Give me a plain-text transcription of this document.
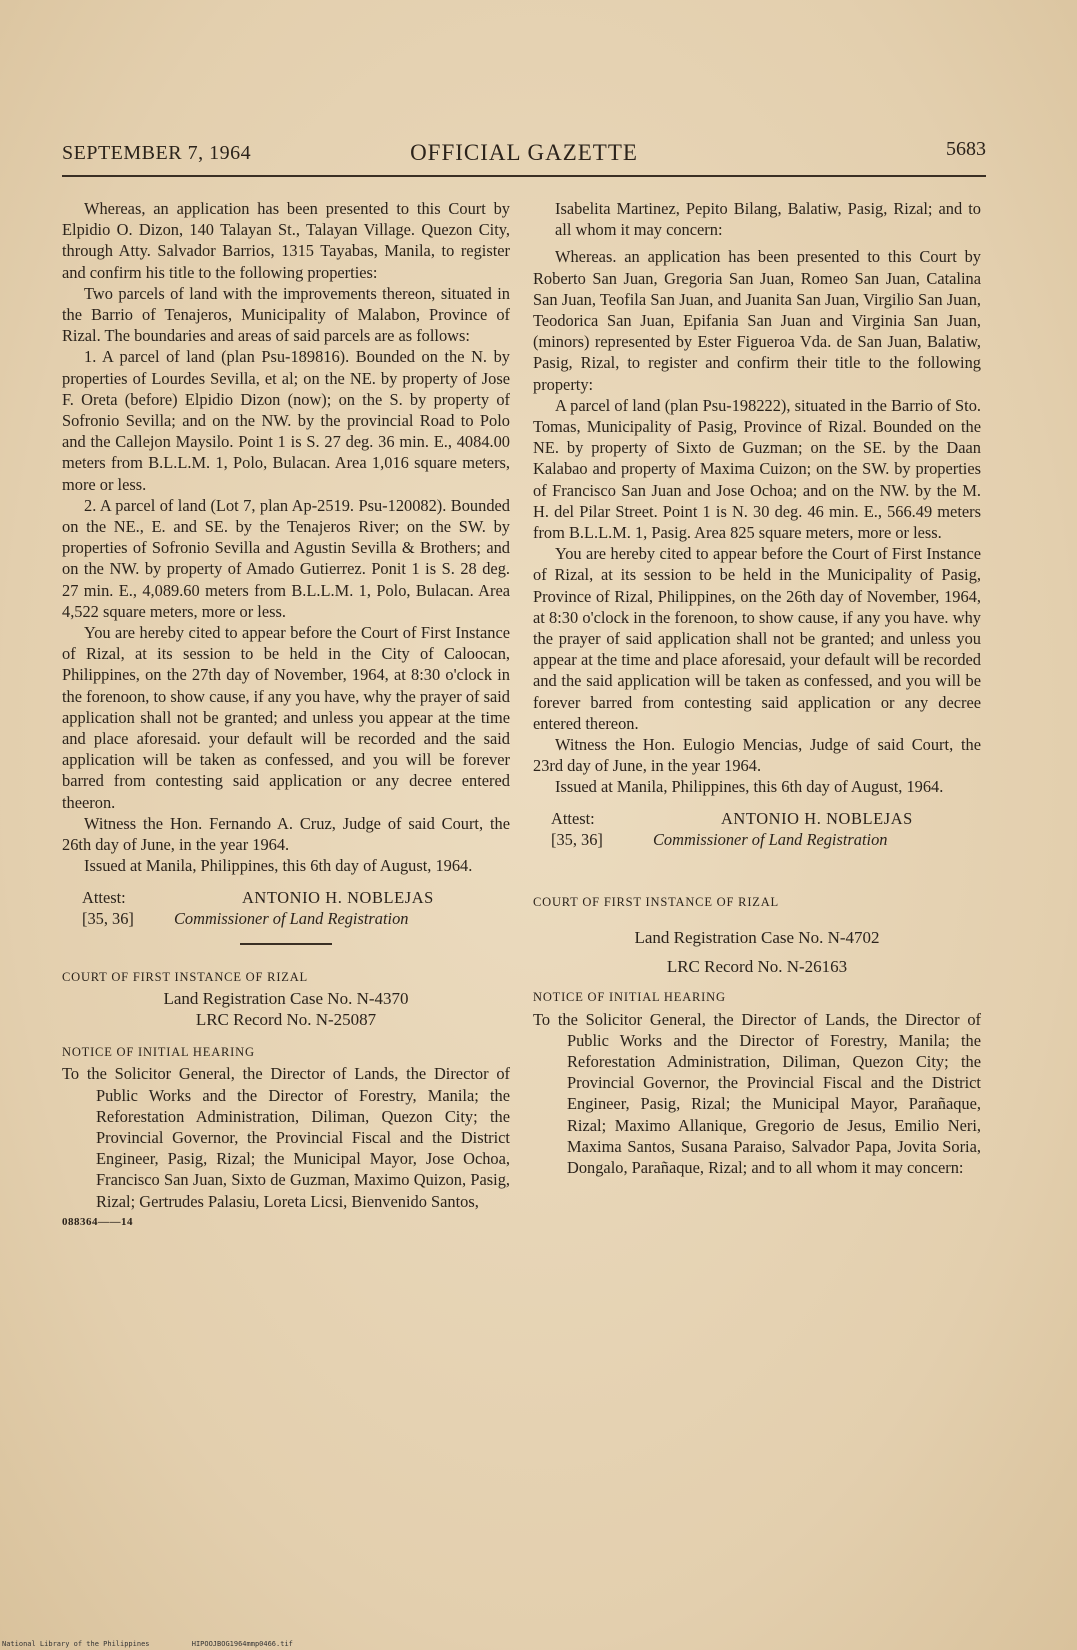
SEPTEMBER 7, 1964	OFFICIAL GAZETTE	5683

Whereas, an application has been presented to this Court by Elpidio O. Dizon, 140 Talayan St., Talayan Village. Quezon City, through Atty. Salvador Barrios, 1315 Tayabas, Manila, to register and confirm his title to the following properties:

Two parcels of land with the improvements thereon, situated in the Barrio of Tenajeros, Municipality of Malabon, Province of Rizal. The boundaries and areas of said parcels are as follows:

1. A parcel of land (plan Psu-189816). Bounded on the N. by properties of Lourdes Sevilla, et al; on the NE. by property of Jose F. Oreta (before) Elpidio Dizon (now); on the S. by property of Sofronio Sevilla; and on the NW. by the provincial Road to Polo and the Callejon Maysilo. Point 1 is S. 27 deg. 36 min. E., 4084.00 meters from B.L.L.M. 1, Polo, Bulacan. Area 1,016 square meters, more or less.

2. A parcel of land (Lot 7, plan Ap-2519. Psu-120082). Bounded on the NE., E. and SE. by the Tenajeros River; on the SW. by properties of Sofronio Sevilla and Agustin Sevilla & Brothers; and on the NW. by property of Amado Gutierrez. Ponit 1 is S. 28 deg. 27 min. E., 4,089.60 meters from B.L.L.M. 1, Polo, Bulacan. Area 4,522 square meters, more or less.

You are hereby cited to appear before the Court of First Instance of Rizal, at its session to be held in the City of Caloocan, Philippines, on the 27th day of November, 1964, at 8:30 o'clock in the forenoon, to show cause, if any you have, why the prayer of said application shall not be granted; and unless you appear at the time and place aforesaid. your default will be recorded and the said application will be taken as confessed, and you will be forever barred from contesting said application or any decree entered theeron.

Witness the Hon. Fernando A. Cruz, Judge of said Court, the 26th day of June, in the year 1964.

Issued at Manila, Philippines, this 6th day of August, 1964.

Attest:	ANTONIO H. NOBLEJAS
[35, 36] Commissioner of Land Registration

COURT OF FIRST INSTANCE OF RIZAL

Land Registration Case No. N-4370

LRC Record No. N-25087

NOTICE OF INITIAL HEARING

To the Solicitor General, the Director of Lands, the Director of Public Works and the Director of Forestry, Manila; the Reforestation Administration, Diliman, Quezon City; the Provincial Governor, the Provincial Fiscal and the District Engineer, Pasig, Rizal; the Municipal Mayor, Jose Ochoa, Francisco San Juan, Sixto de Guzman, Maximo Quizon, Pasig, Rizal; Gertrudes Palasiu, Loreta Licsi, Bienvenido Santos,

088364——14

Isabelita Martinez, Pepito Bilang, Balatiw, Pasig, Rizal; and to all whom it may concern:

Whereas. an application has been presented to this Court by Roberto San Juan, Gregoria San Juan, Romeo San Juan, Catalina San Juan, Teofila San Juan, and Juanita San Juan, Virgilio San Juan, Teodorica San Juan, Epifania San Juan and Virginia San Juan, (minors) represented by Ester Figueroa Vda. de San Juan, Balatiw, Pasig, Rizal, to register and confirm their title to the following property:

A parcel of land (plan Psu-198222), situated in the Barrio of Sto. Tomas, Municipality of Pasig, Province of Rizal. Bounded on the NE. by property of Sixto de Guzman; on the SE. by the Daan Kalabao and property of Maxima Cuizon; on the SW. by properties of Francisco San Juan and Jose Ochoa; and on the NW. by the M. H. del Pilar Street. Point 1 is N. 30 deg. 46 min. E., 566.49 meters from B.L.L.M. 1, Pasig. Area 825 square meters, more or less.

You are hereby cited to appear before the Court of First Instance of Rizal, at its session to be held in the Municipality of Pasig, Province of Rizal, Philippines, on the 26th day of November, 1964, at 8:30 o'clock in the forenoon, to show cause, if any you have. why the prayer of said application shall not be granted; and unless you appear at the time and place aforesaid, your default will be recorded and the said application will be taken as confessed, and you will be forever barred from contesting said application or any decree entered thereon.

Witness the Hon. Eulogio Mencias, Judge of said Court, the 23rd day of June, in the year 1964.

Issued at Manila, Philippines, this 6th day of August, 1964.

Attest:	ANTONIO H. NOBLEJAS
[35, 36]	Commissioner of Land Registration

COURT OF FIRST INSTANCE OF RIZAL

Land Registration Case No. N-4702

LRC Record No. N-26163

NOTICE OF INITIAL HEARING

To the Solicitor General, the Director of Lands, the Director of Public Works and the Director of Forestry, Manila; the Reforestation Administration, Diliman, Quezon City; the Provincial Governor, the Provincial Fiscal and the District Engineer, Pasig, Rizal; the Municipal Mayor, Parañaque, Rizal; Maximo Allanique, Gregorio de Jesus, Emilio Neri, Maxima Santos, Susana Paraiso, Salvador Papa, Jovita Soria, Dongalo, Parañaque, Rizal; and to all whom it may concern:

National Library of the Philippines	HIPOOJBOG1964mmp0466.tif
